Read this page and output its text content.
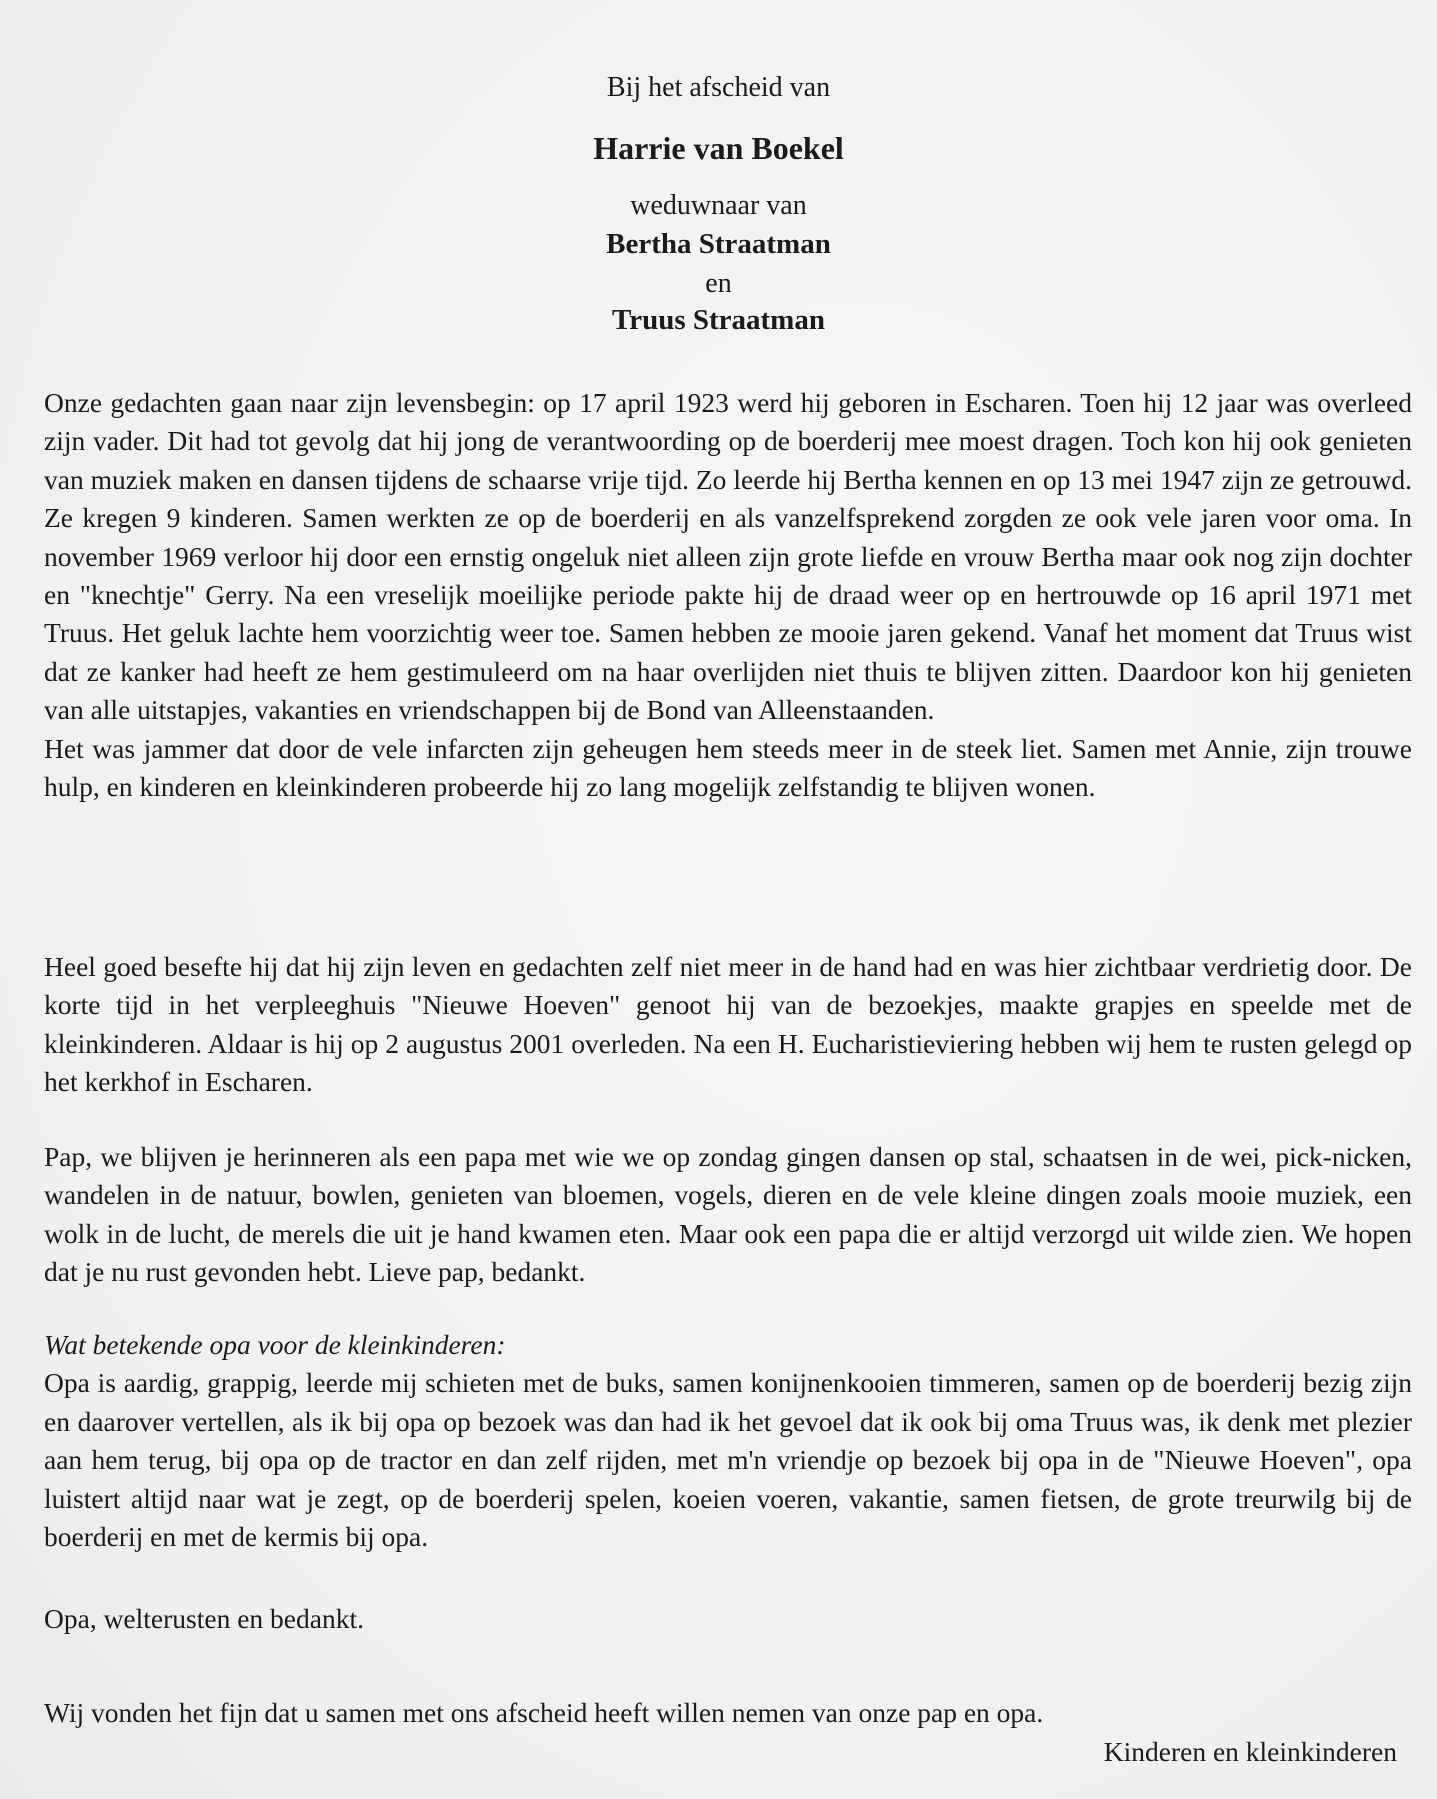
Bij het afscheid van
Harrie van Boekel
weduwnaar van
Bertha Straatman
en
Truus Straatman

Onze gedachten gaan naar zijn levensbegin: op 17 april 1923 werd hij geboren in Escharen. Toen hij 12 jaar was overleed zijn vader. Dit had tot gevolg dat hij jong de verantwoording op de boerderij mee moest dragen. Toch kon hij ook genieten van muziek maken en dansen tijdens de schaarse vrije tijd. Zo leerde hij Bertha kennen en op 13 mei 1947 zijn ze getrouwd. Ze kregen 9 kinderen. Samen werkten ze op de boerderij en als vanzelfsprekend zorgden ze ook vele jaren voor oma. In november 1969 verloor hij door een ernstig ongeluk niet alleen zijn grote liefde en vrouw Bertha maar ook nog zijn dochter en "knechtje" Gerry. Na een vreselijk moeilijke periode pakte hij de draad weer op en hertrouwde op 16 april 1971 met Truus. Het geluk lachte hem voorzichtig weer toe. Samen hebben ze mooie jaren gekend. Vanaf het moment dat Truus wist dat ze kanker had heeft ze hem gestimuleerd om na haar overlijden niet thuis te blijven zitten. Daardoor kon hij genieten van alle uitstapjes, vakanties en vriendschappen bij de Bond van Alleenstaanden.

Het was jammer dat door de vele infarcten zijn geheugen hem steeds meer in de steek liet. Samen met Annie, zijn trouwe hulp, en kinderen en kleinkinderen probeerde hij zo lang mogelijk zelfstandig te blijven wonen.

Heel goed besefte hij dat hij zijn leven en gedachten zelf niet meer in de hand had en was hier zichtbaar verdrietig door. De korte tijd in het verpleeghuis "Nieuwe Hoeven" genoot hij van de bezoekjes, maakte grapjes en speelde met de kleinkinderen. Aldaar is hij op 2 augustus 2001 overleden. Na een H. Eucharistieviering hebben wij hem te rusten gelegd op het kerkhof in Escharen.

Pap, we blijven je herinneren als een papa met wie we op zondag gingen dansen op stal, schaatsen in de wei, pick-nicken, wandelen in de natuur, bowlen, genieten van bloemen, vogels, dieren en de vele kleine dingen zoals mooie muziek, een wolk in de lucht, de merels die uit je hand kwamen eten. Maar ook een papa die er altijd verzorgd uit wilde zien. We hopen dat je nu rust gevonden hebt. Lieve pap, bedankt.

Wat betekende opa voor de kleinkinderen:

Opa is aardig, grappig, leerde mij schieten met de buks, samen konijnenkooien timmeren, samen op de boerderij bezig zijn en daarover vertellen, als ik bij opa op bezoek was dan had ik het gevoel dat ik ook bij oma Truus was, ik denk met plezier aan hem terug, bij opa op de tractor en dan zelf rijden, met m'n vriendje op bezoek bij opa in de "Nieuwe Hoeven", opa luistert altijd naar wat je zegt, op de boerderij spelen, koeien voeren, vakantie, samen fietsen, de grote treurwilg bij de boerderij en met de kermis bij opa.

Opa, welterusten en bedankt.

Wij vonden het fijn dat u samen met ons afscheid heeft willen nemen van onze pap en opa.

Kinderen en kleinkinderen
